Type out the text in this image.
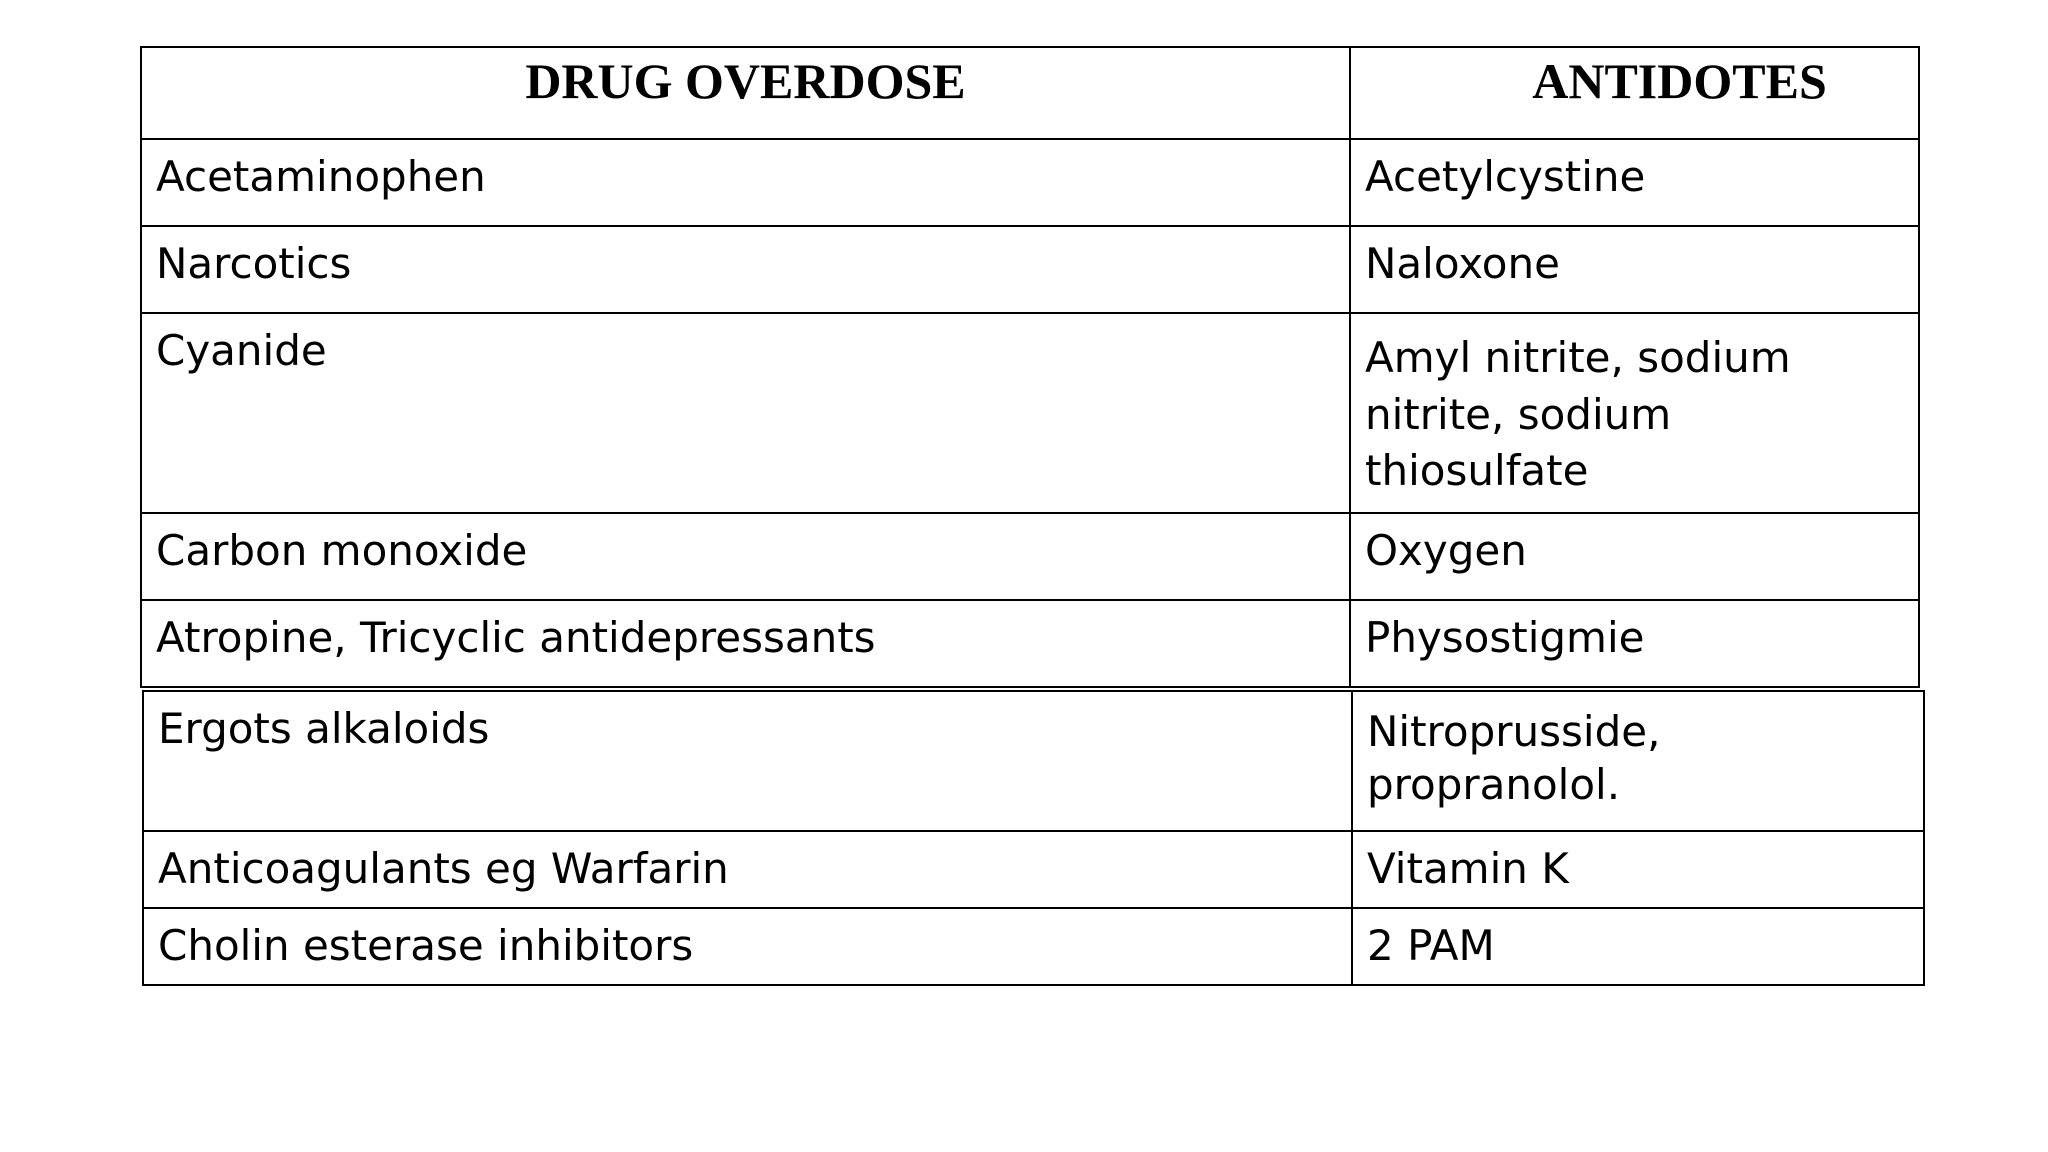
DRUG OVERDOSE	ANTIDOTES

Acetaminophen	Acetylcystine

Narcotics	Naloxone

Cyanide	Amyl nitrite, sodium nitrite, sodium thiosulfate

Carbon monoxide	Oxygen

Atropine, Tricyclic antidepressants	Physostigmie
Ergots alkaloids	Nitroprusside, propranolol.

Anticoagulants eg Warfarin	Vitamin K

Cholin esterase inhibitors	2 PAM
